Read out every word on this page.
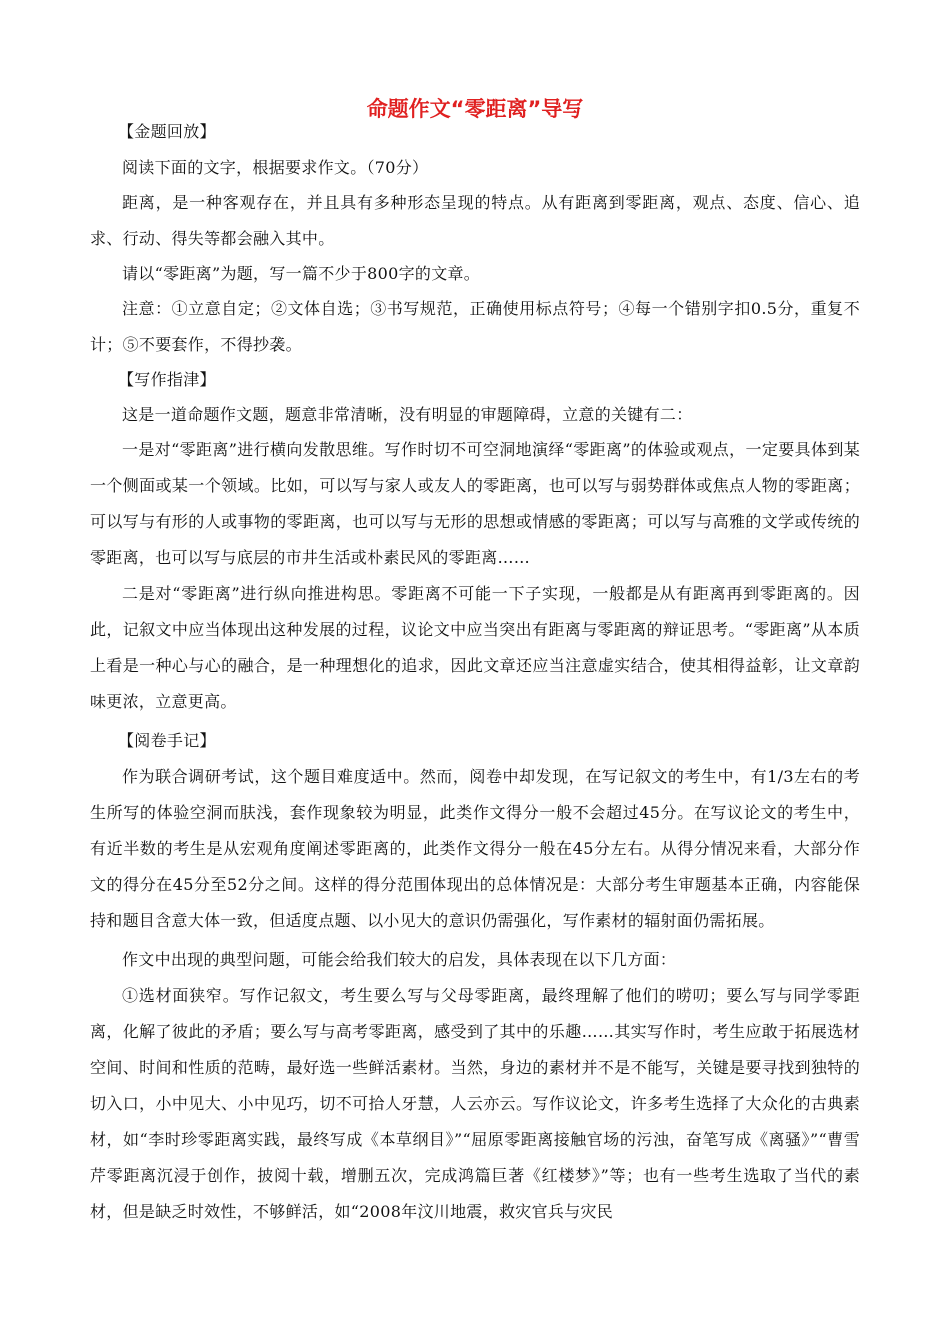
命题作文“零距离”导写

【金题回放】

阅读下面的文字，根据要求作文。（70分）

距离，是一种客观存在，并且具有多种形态呈现的特点。从有距离到零距离，观点、态度、信心、追求、行动、得失等都会融入其中。

请以“零距离”为题，写一篇不少于800字的文章。

注意：①立意自定；②文体自选；③书写规范，正确使用标点符号；④每一个错别字扣0.5分，重复不计；⑤不要套作，不得抄袭。

【写作指津】

这是一道命题作文题，题意非常清晰，没有明显的审题障碍，立意的关键有二：

一是对“零距离”进行横向发散思维。写作时切不可空洞地演绎“零距离”的体验或观点，一定要具体到某一个侧面或某一个领域。比如，可以写与家人或友人的零距离，也可以写与弱势群体或焦点人物的零距离；可以写与有形的人或事物的零距离，也可以写与无形的思想或情感的零距离；可以写与高雅的文学或传统的零距离，也可以写与底层的市井生活或朴素民风的零距离……

二是对“零距离”进行纵向推进构思。零距离不可能一下子实现，一般都是从有距离再到零距离的。因此，记叙文中应当体现出这种发展的过程，议论文中应当突出有距离与零距离的辩证思考。“零距离”从本质上看是一种心与心的融合，是一种理想化的追求，因此文章还应当注意虚实结合，使其相得益彰，让文章韵味更浓，立意更高。

【阅卷手记】

作为联合调研考试，这个题目难度适中。然而，阅卷中却发现，在写记叙文的考生中，有1/3左右的考生所写的体验空洞而肤浅，套作现象较为明显，此类作文得分一般不会超过45分。在写议论文的考生中，有近半数的考生是从宏观角度阐述零距离的，此类作文得分一般在45分左右。从得分情况来看，大部分作文的得分在45分至52分之间。这样的得分范围体现出的总体情况是：大部分考生审题基本正确，内容能保持和题目含意大体一致，但适度点题、以小见大的意识仍需强化，写作素材的辐射面仍需拓展。

作文中出现的典型问题，可能会给我们较大的启发，具体表现在以下几方面：

①选材面狭窄。写作记叙文，考生要么写与父母零距离，最终理解了他们的唠叨；要么写与同学零距离，化解了彼此的矛盾；要么写与高考零距离，感受到了其中的乐趣……其实写作时，考生应敢于拓展选材空间、时间和性质的范畴，最好选一些鲜活素材。当然，身边的素材并不是不能写，关键是要寻找到独特的切入口，小中见大、小中见巧，切不可拾人牙慧，人云亦云。写作议论文，许多考生选择了大众化的古典素材，如“李时珍零距离实践，最终写成《本草纲目》”“屈原零距离接触官场的污浊，奋笔写成《离骚》”“曹雪芹零距离沉浸于创作，披阅十载，增删五次，完成鸿篇巨著《红楼梦》”等；也有一些考生选取了当代的素材，但是缺乏时效性，不够鲜活，如“2008年汶川地震，救灾官兵与灾民
